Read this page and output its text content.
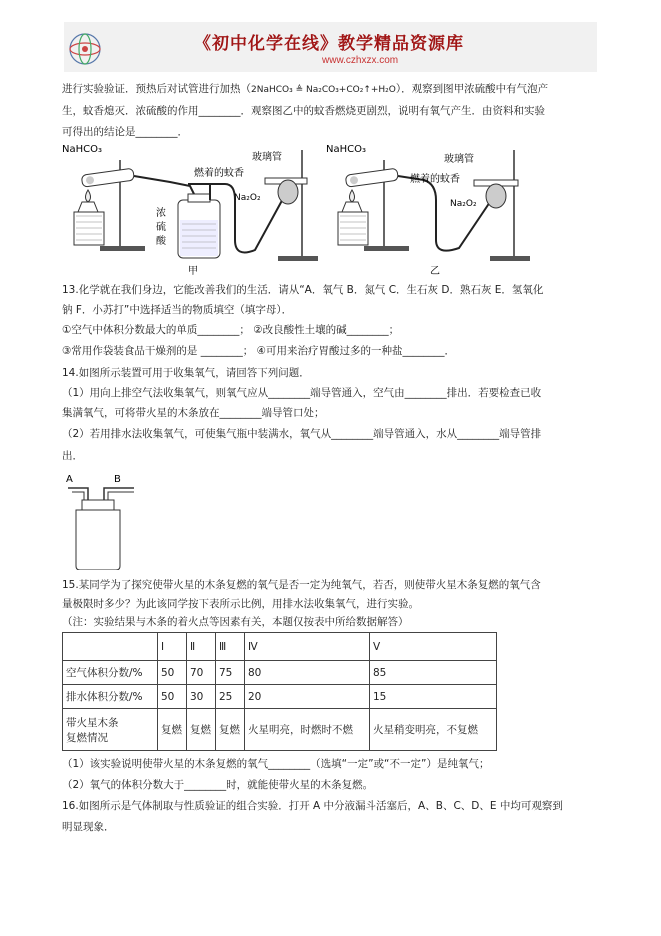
《初中化学在线》教学精品资源库
www.czhxzx.com
进行实验验证．预热后对试管进行加热（2NaHCO₃ ≜ Na₂CO₃+CO₂↑+H₂O）．观察到图甲浓硫酸中有气泡产
生，蚊香熄灭．浓硫酸的作用________．观察图乙中的蚊香燃烧更剧烈，说明有氧气产生．由资料和实验
可得出的结论是________．
NaHCO₃
浓
硫
酸
玻璃管
燃着的蚊香
Na₂O₂
甲
NaHCO₃
玻璃管
燃着的蚊香
Na₂O₂
乙
13.化学就在我们身边，它能改善我们的生活．请从“A．氧气 B．氮气 C．生石灰 D．熟石灰 E．氢氧化
钠 F．小苏打”中选择适当的物质填空（填字母）．
①空气中体积分数最大的单质________； ②改良酸性土壤的碱________；
③常用作袋装食品干燥剂的是 ________； ④可用来治疗胃酸过多的一种盐________．
14.如图所示装置可用于收集氧气，请回答下列问题．
（1）用向上排空气法收集氧气，则氧气应从________端导管通入，空气由________排出．若要检查已收
集满氧气，可将带火星的木条放在________端导管口处；
（2）若用排水法收集氧气，可使集气瓶中装满水，氧气从________端导管通入，水从________端导管排
出．
A	B
15.某同学为了探究使带火星的木条复燃的氧气是否一定为纯氧气，若否，则使带火星木条复燃的氧气含
量极限时多少？为此该同学按下表所示比例，用排水法收集氧气，进行实验。
（注：实验结果与木条的着火点等因素有关，本题仅按表中所给数据解答）
	Ⅰ	Ⅱ	Ⅲ	Ⅳ	Ⅴ
空气体积分数/%	50	70	75	80	85
排水体积分数/%	50	30	25	20	15

带火星木条
复燃情况	复燃	复燃	复燃	火星明亮，时燃时不燃	火星稍变明亮，不复燃
（1）该实验说明使带火星的木条复燃的氧气________（选填“一定”或“不一定”）是纯氧气；
（2）氧气的体积分数大于________时，就能使带火星的木条复燃。
16.如图所示是气体制取与性质验证的组合实验．打开 A 中分液漏斗活塞后，A、B、C、D、E 中均可观察到
明显现象．
